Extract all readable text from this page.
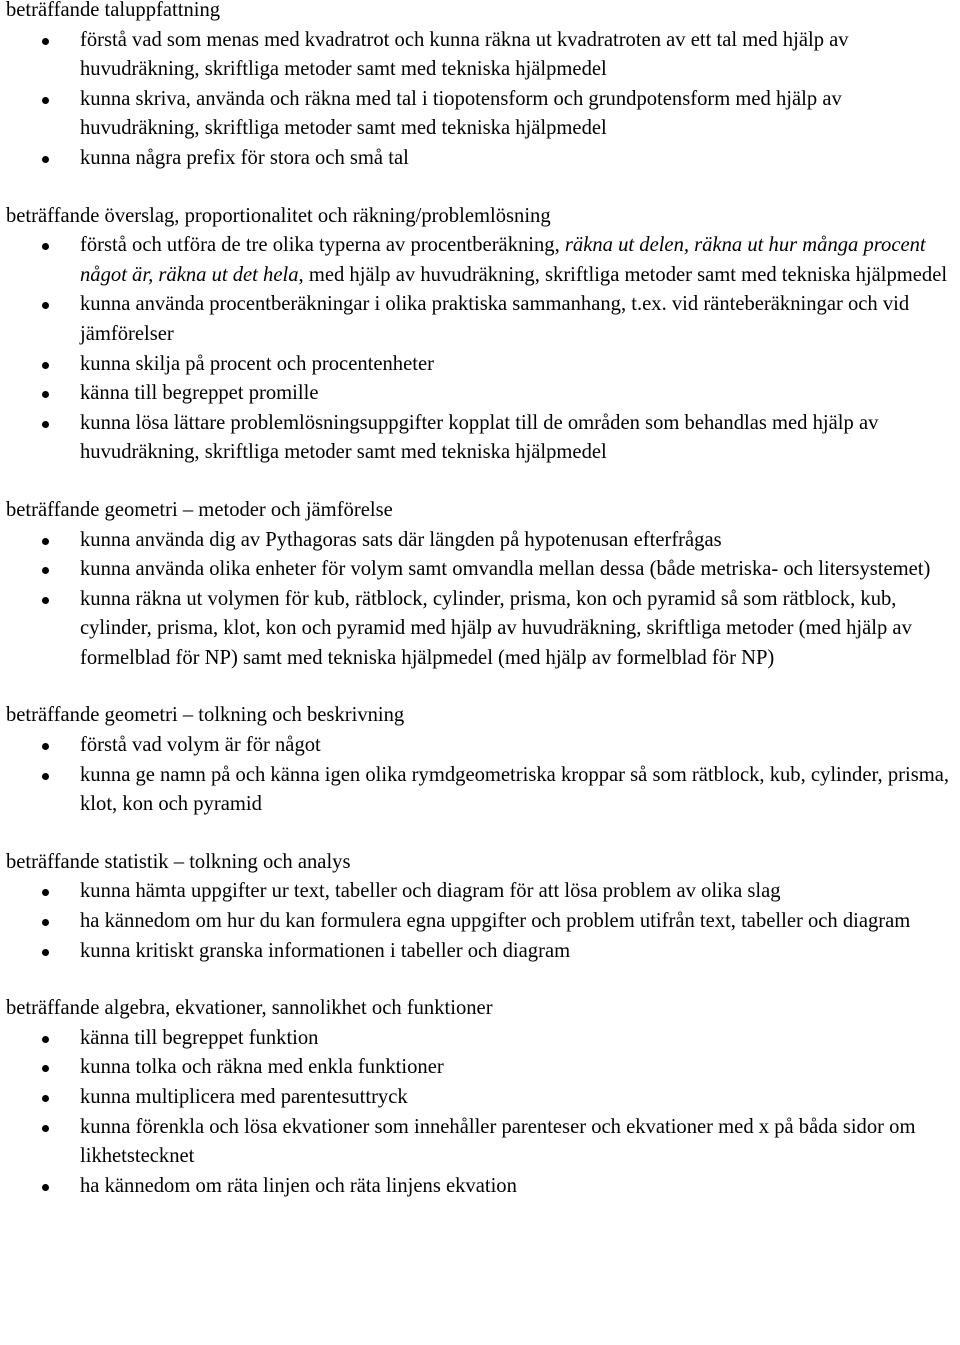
beträffande taluppfattning

förstå vad som menas med kvadratrot och kunna räkna ut kvadratroten av ett tal med hjälp av huvudräkning, skriftliga metoder samt med tekniska hjälpmedel
kunna skriva, använda och räkna med tal i tiopotensform och grundpotensform med hjälp av huvudräkning, skriftliga metoder samt med tekniska hjälpmedel
kunna några prefix för stora och små tal

beträffande överslag, proportionalitet och räkning/problemlösning

förstå och utföra de tre olika typerna av procentberäkning, räkna ut delen, räkna ut hur många procent något är, räkna ut det hela, med hjälp av huvudräkning, skriftliga metoder samt med tekniska hjälpmedel
kunna använda procentberäkningar i olika praktiska sammanhang, t.ex. vid ränteberäkningar och vid jämförelser
kunna skilja på procent och procentenheter
känna till begreppet promille
kunna lösa lättare problemlösningsuppgifter kopplat till de områden som behandlas med hjälp av huvudräkning, skriftliga metoder samt med tekniska hjälpmedel

beträffande geometri – metoder och jämförelse

kunna använda dig av Pythagoras sats där längden på hypotenusan efterfrågas
kunna använda olika enheter för volym samt omvandla mellan dessa (både metriska- och litersystemet)
kunna räkna ut volymen för kub, rätblock, cylinder, prisma, kon och pyramid så som rätblock, kub, cylinder, prisma, klot, kon och pyramid med hjälp av huvudräkning, skriftliga metoder (med hjälp av formelblad för NP) samt med tekniska hjälpmedel (med hjälp av formelblad för NP)

beträffande geometri – tolkning och beskrivning

förstå vad volym är för något
kunna ge namn på och känna igen olika rymdgeometriska kroppar så som rätblock, kub, cylinder, prisma, klot, kon och pyramid

beträffande statistik – tolkning och analys

kunna hämta uppgifter ur text, tabeller och diagram för att lösa problem av olika slag
ha kännedom om hur du kan formulera egna uppgifter och problem utifrån text, tabeller och diagram
kunna kritiskt granska informationen i tabeller och diagram

beträffande algebra, ekvationer, sannolikhet och funktioner

känna till begreppet funktion
kunna tolka och räkna med enkla funktioner
kunna multiplicera med parentesuttryck
kunna förenkla och lösa ekvationer som innehåller parenteser och ekvationer med x på båda sidor om likhetstecknet
ha kännedom om räta linjen och räta linjens ekvation
